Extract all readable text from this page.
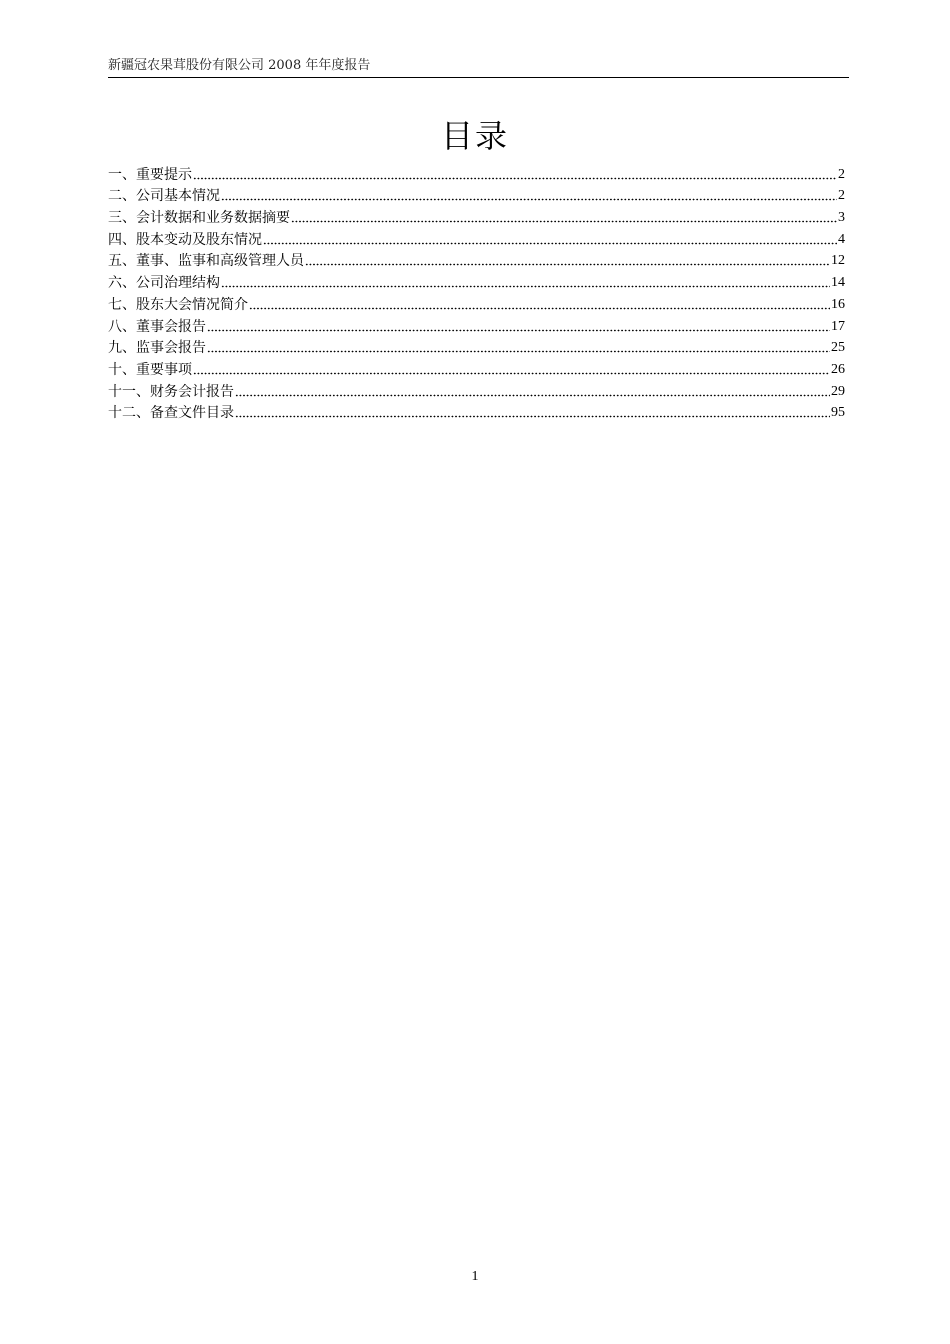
新疆冠农果茸股份有限公司 2008 年年度报告
目录
一、重要提示	2
二、公司基本情况	2
三、会计数据和业务数据摘要	3
四、股本变动及股东情况	4
五、董事、监事和高级管理人员	12
六、公司治理结构	14
七、股东大会情况简介	16
八、董事会报告	17
九、监事会报告	25
十、重要事项	26
十一、财务会计报告	29
十二、备查文件目录	95
1
